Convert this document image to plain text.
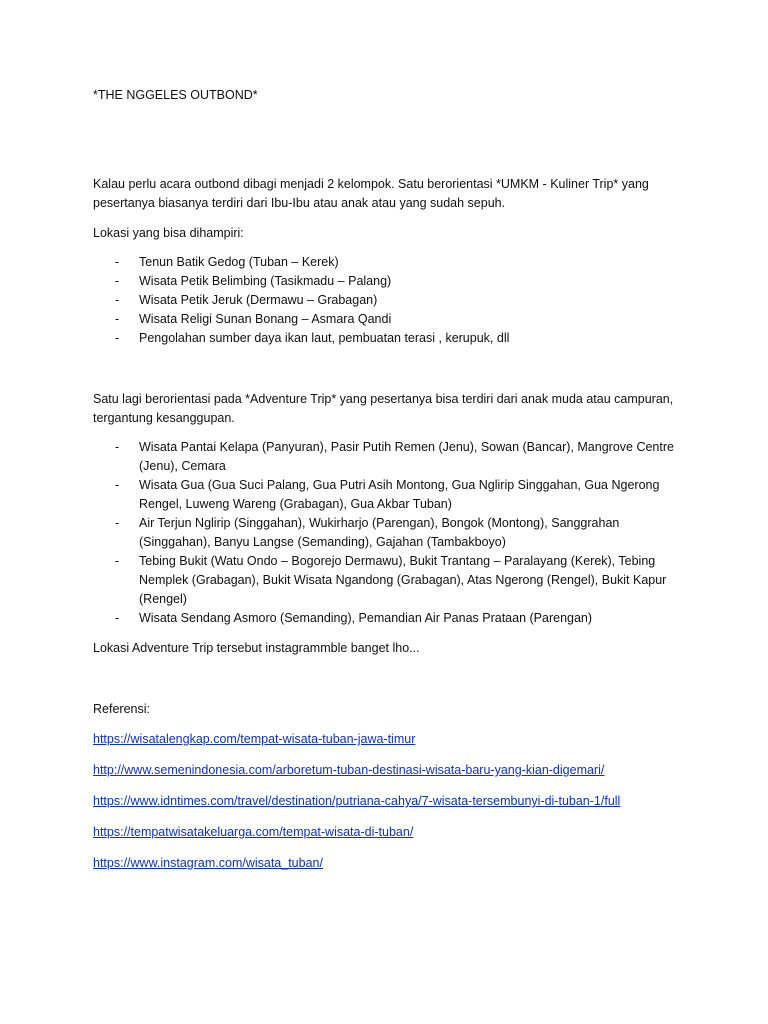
*THE NGGELES OUTBOND*

Kalau perlu acara outbond dibagi menjadi 2 kelompok. Satu berorientasi *UMKM - Kuliner Trip* yang pesertanya biasanya terdiri dari Ibu-Ibu atau anak atau yang sudah sepuh.

Lokasi yang bisa dihampiri:

- Tenun Batik Gedog (Tuban – Kerek)
- Wisata Petik Belimbing (Tasikmadu – Palang)
- Wisata Petik Jeruk (Dermawu – Grabagan)
- Wisata Religi Sunan Bonang – Asmara Qandi
- Pengolahan sumber daya ikan laut, pembuatan terasi , kerupuk, dll

Satu lagi berorientasi pada *Adventure Trip* yang pesertanya bisa terdiri dari anak muda atau campuran, tergantung kesanggupan.

- Wisata Pantai Kelapa (Panyuran), Pasir Putih Remen (Jenu), Sowan (Bancar), Mangrove Centre (Jenu), Cemara
- Wisata Gua (Gua Suci Palang, Gua Putri Asih Montong, Gua Nglirip Singgahan, Gua Ngerong Rengel, Luweng Wareng (Grabagan), Gua Akbar Tuban)
- Air Terjun Nglirip (Singgahan), Wukirharjo (Parengan), Bongok (Montong), Sanggrahan (Singgahan), Banyu Langse (Semanding), Gajahan (Tambakboyo)
- Tebing Bukit (Watu Ondo – Bogorejo Dermawu), Bukit Trantang – Paralayang (Kerek), Tebing Nemplek (Grabagan), Bukit Wisata Ngandong (Grabagan), Atas Ngerong (Rengel), Bukit Kapur (Rengel)
- Wisata Sendang Asmoro (Semanding), Pemandian Air Panas Prataan (Parengan)

Lokasi Adventure Trip tersebut instagrammble banget lho...

Referensi:

https://wisatalengkap.com/tempat-wisata-tuban-jawa-timur
http://www.semenindonesia.com/arboretum-tuban-destinasi-wisata-baru-yang-kian-digemari/
https://www.idntimes.com/travel/destination/putriana-cahya/7-wisata-tersembunyi-di-tuban-1/full
https://tempatwisatakeluarga.com/tempat-wisata-di-tuban/
https://www.instagram.com/wisata_tuban/
